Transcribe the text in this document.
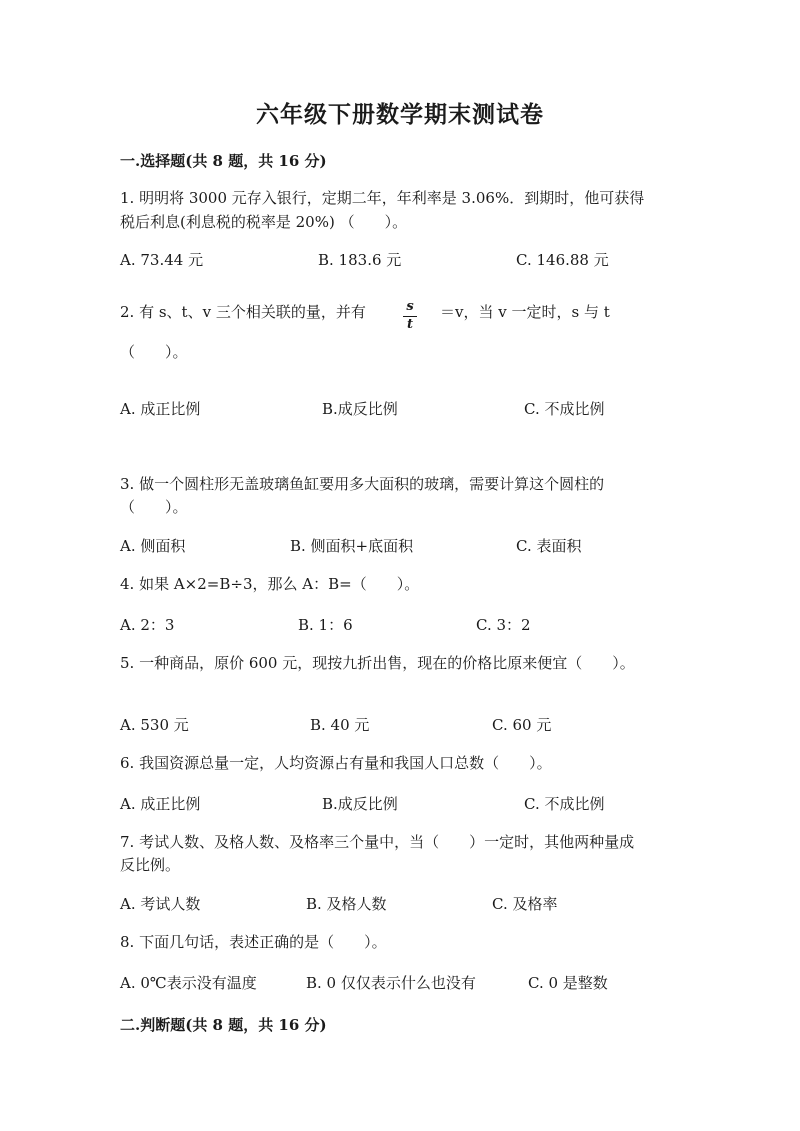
六年级下册数学期末测试卷
一.选择题(共 8 题，共 16 分)
1. 明明将 3000 元存入银行，定期二年，年利率是 3.06%．到期时，他可获得
税后利息(利息税的税率是 20%) （　　）。
A. 73.44 元	B. 183.6 元	C. 146.88 元
2. 有 s、t、v 三个相关联的量，并有	s
t
＝v，当 v 一定时，s 与 t
（　　）。
A. 成正比例	B.成反比例	C. 不成比例
3. 做一个圆柱形无盖玻璃鱼缸要用多大面积的玻璃，需要计算这个圆柱的
（　　）。
A. 侧面积	B. 侧面积+底面积	C. 表面积
4. 如果 A×2=B÷3，那么 A：B=（　　）。
A. 2：3	B. 1：6	C. 3：2
5. 一种商品，原价 600 元，现按九折出售，现在的价格比原来便宜（　　）。
A. 530 元	B. 40 元	C. 60 元
6. 我国资源总量一定，人均资源占有量和我国人口总数（　　）。
A. 成正比例	B.成反比例	C. 不成比例
7. 考试人数、及格人数、及格率三个量中，当（　　）一定时，其他两种量成
反比例。
A. 考试人数	B. 及格人数	C. 及格率
8. 下面几句话，表述正确的是（　　）。
A. 0℃表示没有温度	B. 0 仅仅表示什么也没有	C. 0 是整数
二.判断题(共 8 题，共 16 分)
